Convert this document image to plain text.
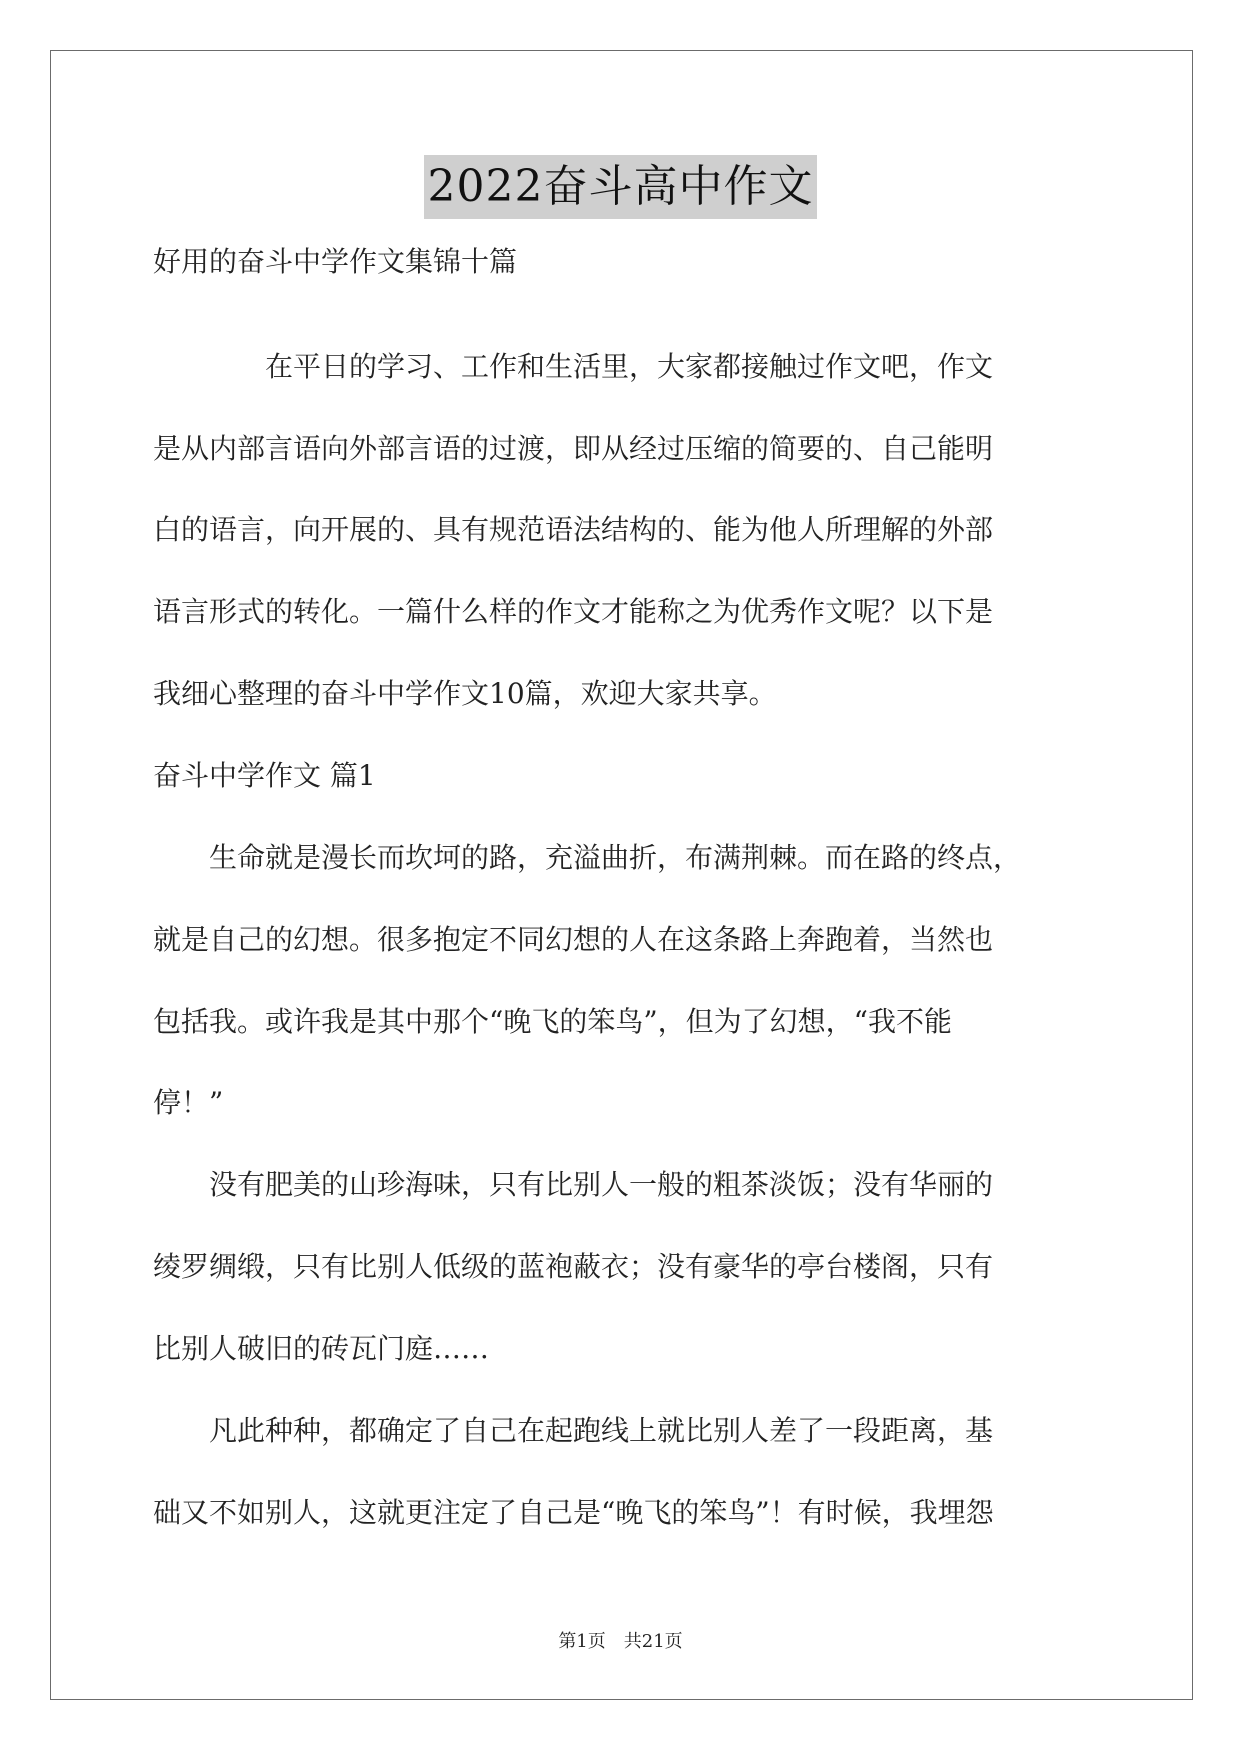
2022奋斗高中作文
好用的奋斗中学作文集锦十篇
　　　　在平日的学习、工作和生活里，大家都接触过作文吧，作文
是从内部言语向外部言语的过渡，即从经过压缩的简要的、自己能明
白的语言，向开展的、具有规范语法结构的、能为他人所理解的外部
语言形式的转化。一篇什么样的作文才能称之为优秀作文呢？以下是
我细心整理的奋斗中学作文10篇，欢迎大家共享。
奋斗中学作文 篇1
　　生命就是漫长而坎坷的路，充溢曲折，布满荆棘。而在路的终点，
就是自己的幻想。很多抱定不同幻想的人在这条路上奔跑着，当然也
包括我。或许我是其中那个“晚飞的笨鸟”，但为了幻想，“我不能
停！”
　　没有肥美的山珍海味，只有比别人一般的粗茶淡饭；没有华丽的
绫罗绸缎，只有比别人低级的蓝袍蔽衣；没有豪华的亭台楼阁，只有
比别人破旧的砖瓦门庭……
　　凡此种种，都确定了自己在起跑线上就比别人差了一段距离，基
础又不如别人，这就更注定了自己是“晚飞的笨鸟”！有时候，我埋怨
第1页　共21页
